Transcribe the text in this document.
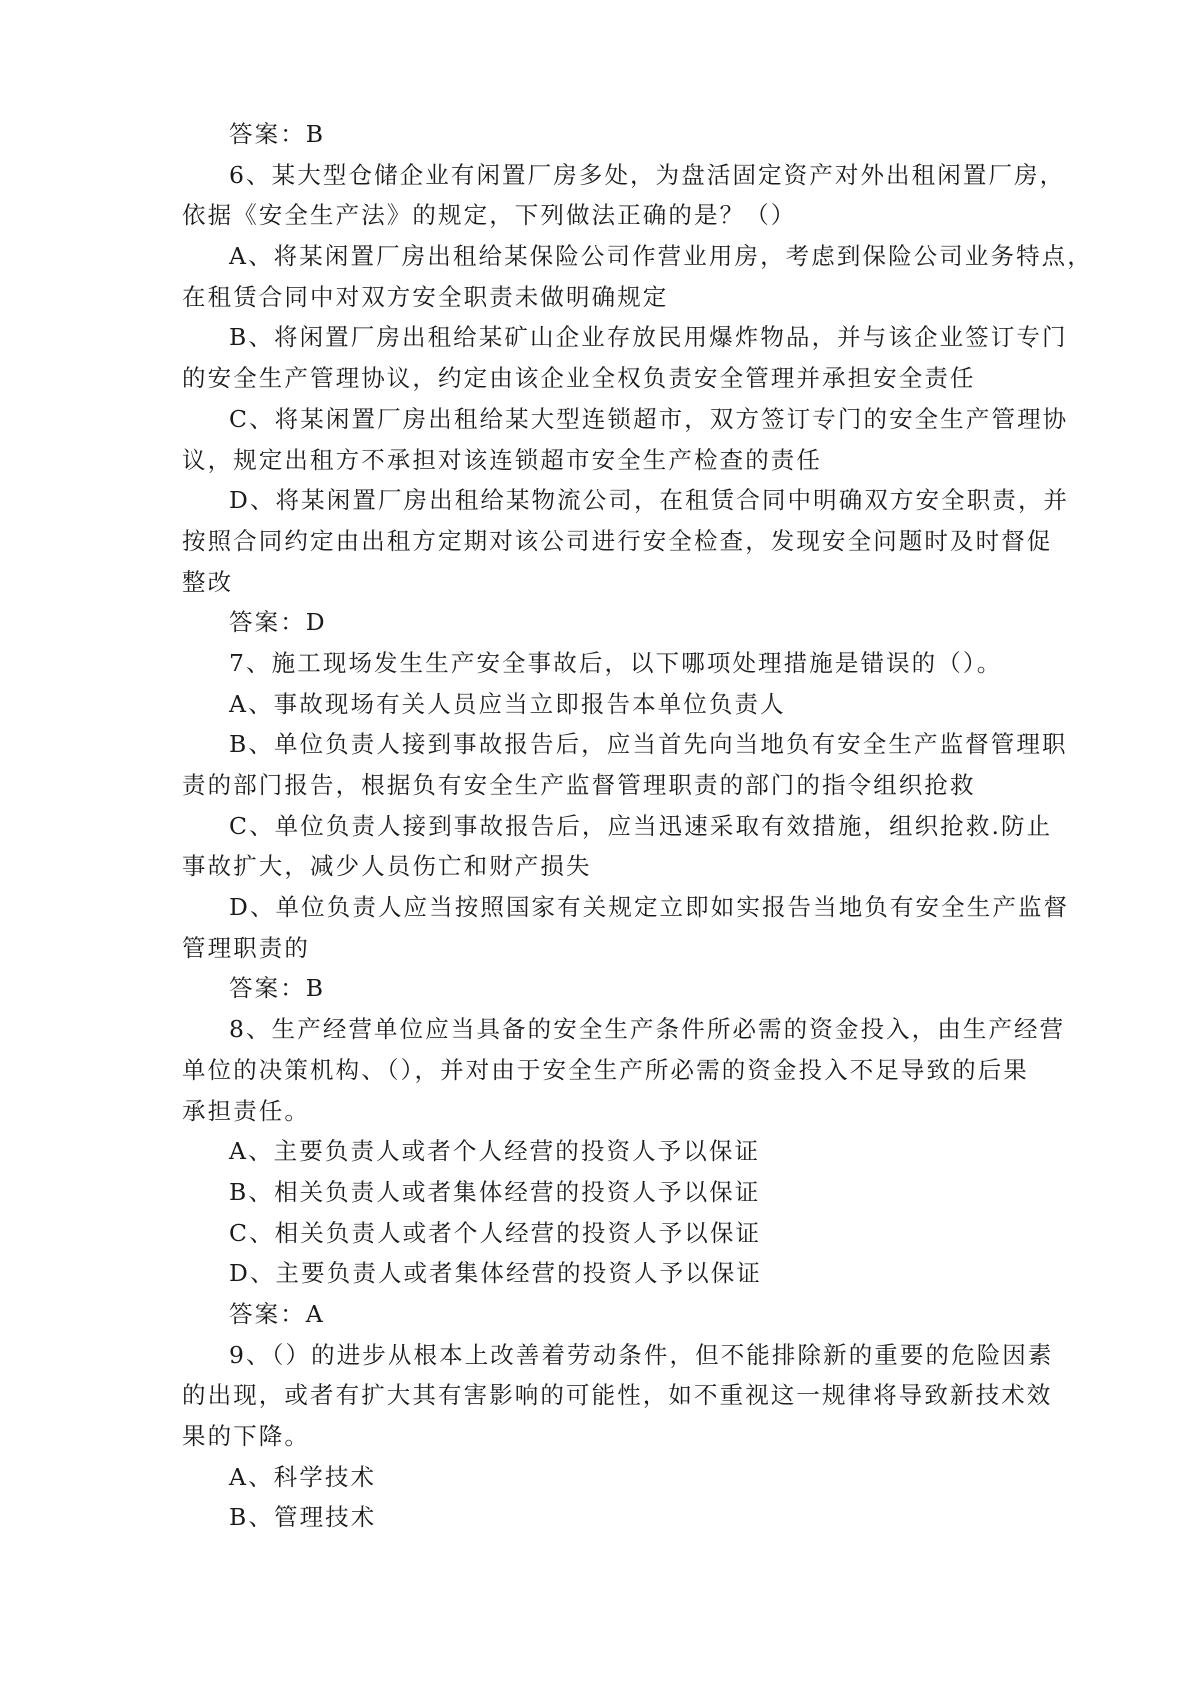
答案：B
6、某大型仓储企业有闲置厂房多处，为盘活固定资产对外出租闲置厂房，
依据《安全生产法》的规定，下列做法正确的是？（）
A、将某闲置厂房出租给某保险公司作营业用房，考虑到保险公司业务特点，
在租赁合同中对双方安全职责未做明确规定
B、将闲置厂房出租给某矿山企业存放民用爆炸物品，并与该企业签订专门
的安全生产管理协议，约定由该企业全权负责安全管理并承担安全责任
C、将某闲置厂房出租给某大型连锁超市，双方签订专门的安全生产管理协
议，规定出租方不承担对该连锁超市安全生产检查的责任
D、将某闲置厂房出租给某物流公司，在租赁合同中明确双方安全职责，并
按照合同约定由出租方定期对该公司进行安全检查，发现安全问题时及时督促
整改
答案：D
7、施工现场发生生产安全事故后，以下哪项处理措施是错误的（）。
A、事故现场有关人员应当立即报告本单位负责人
B、单位负责人接到事故报告后，应当首先向当地负有安全生产监督管理职
责的部门报告，根据负有安全生产监督管理职责的部门的指令组织抢救
C、单位负责人接到事故报告后，应当迅速采取有效措施，组织抢救.防止
事故扩大，减少人员伤亡和财产损失
D、单位负责人应当按照国家有关规定立即如实报告当地负有安全生产监督
管理职责的
答案：B
8、生产经营单位应当具备的安全生产条件所必需的资金投入，由生产经营
单位的决策机构、（），并对由于安全生产所必需的资金投入不足导致的后果
承担责任。
A、主要负责人或者个人经营的投资人予以保证
B、相关负责人或者集体经营的投资人予以保证
C、相关负责人或者个人经营的投资人予以保证
D、主要负责人或者集体经营的投资人予以保证
答案：A
9、（）的进步从根本上改善着劳动条件，但不能排除新的重要的危险因素
的出现，或者有扩大其有害影响的可能性，如不重视这一规律将导致新技术效
果的下降。
A、科学技术
B、管理技术
